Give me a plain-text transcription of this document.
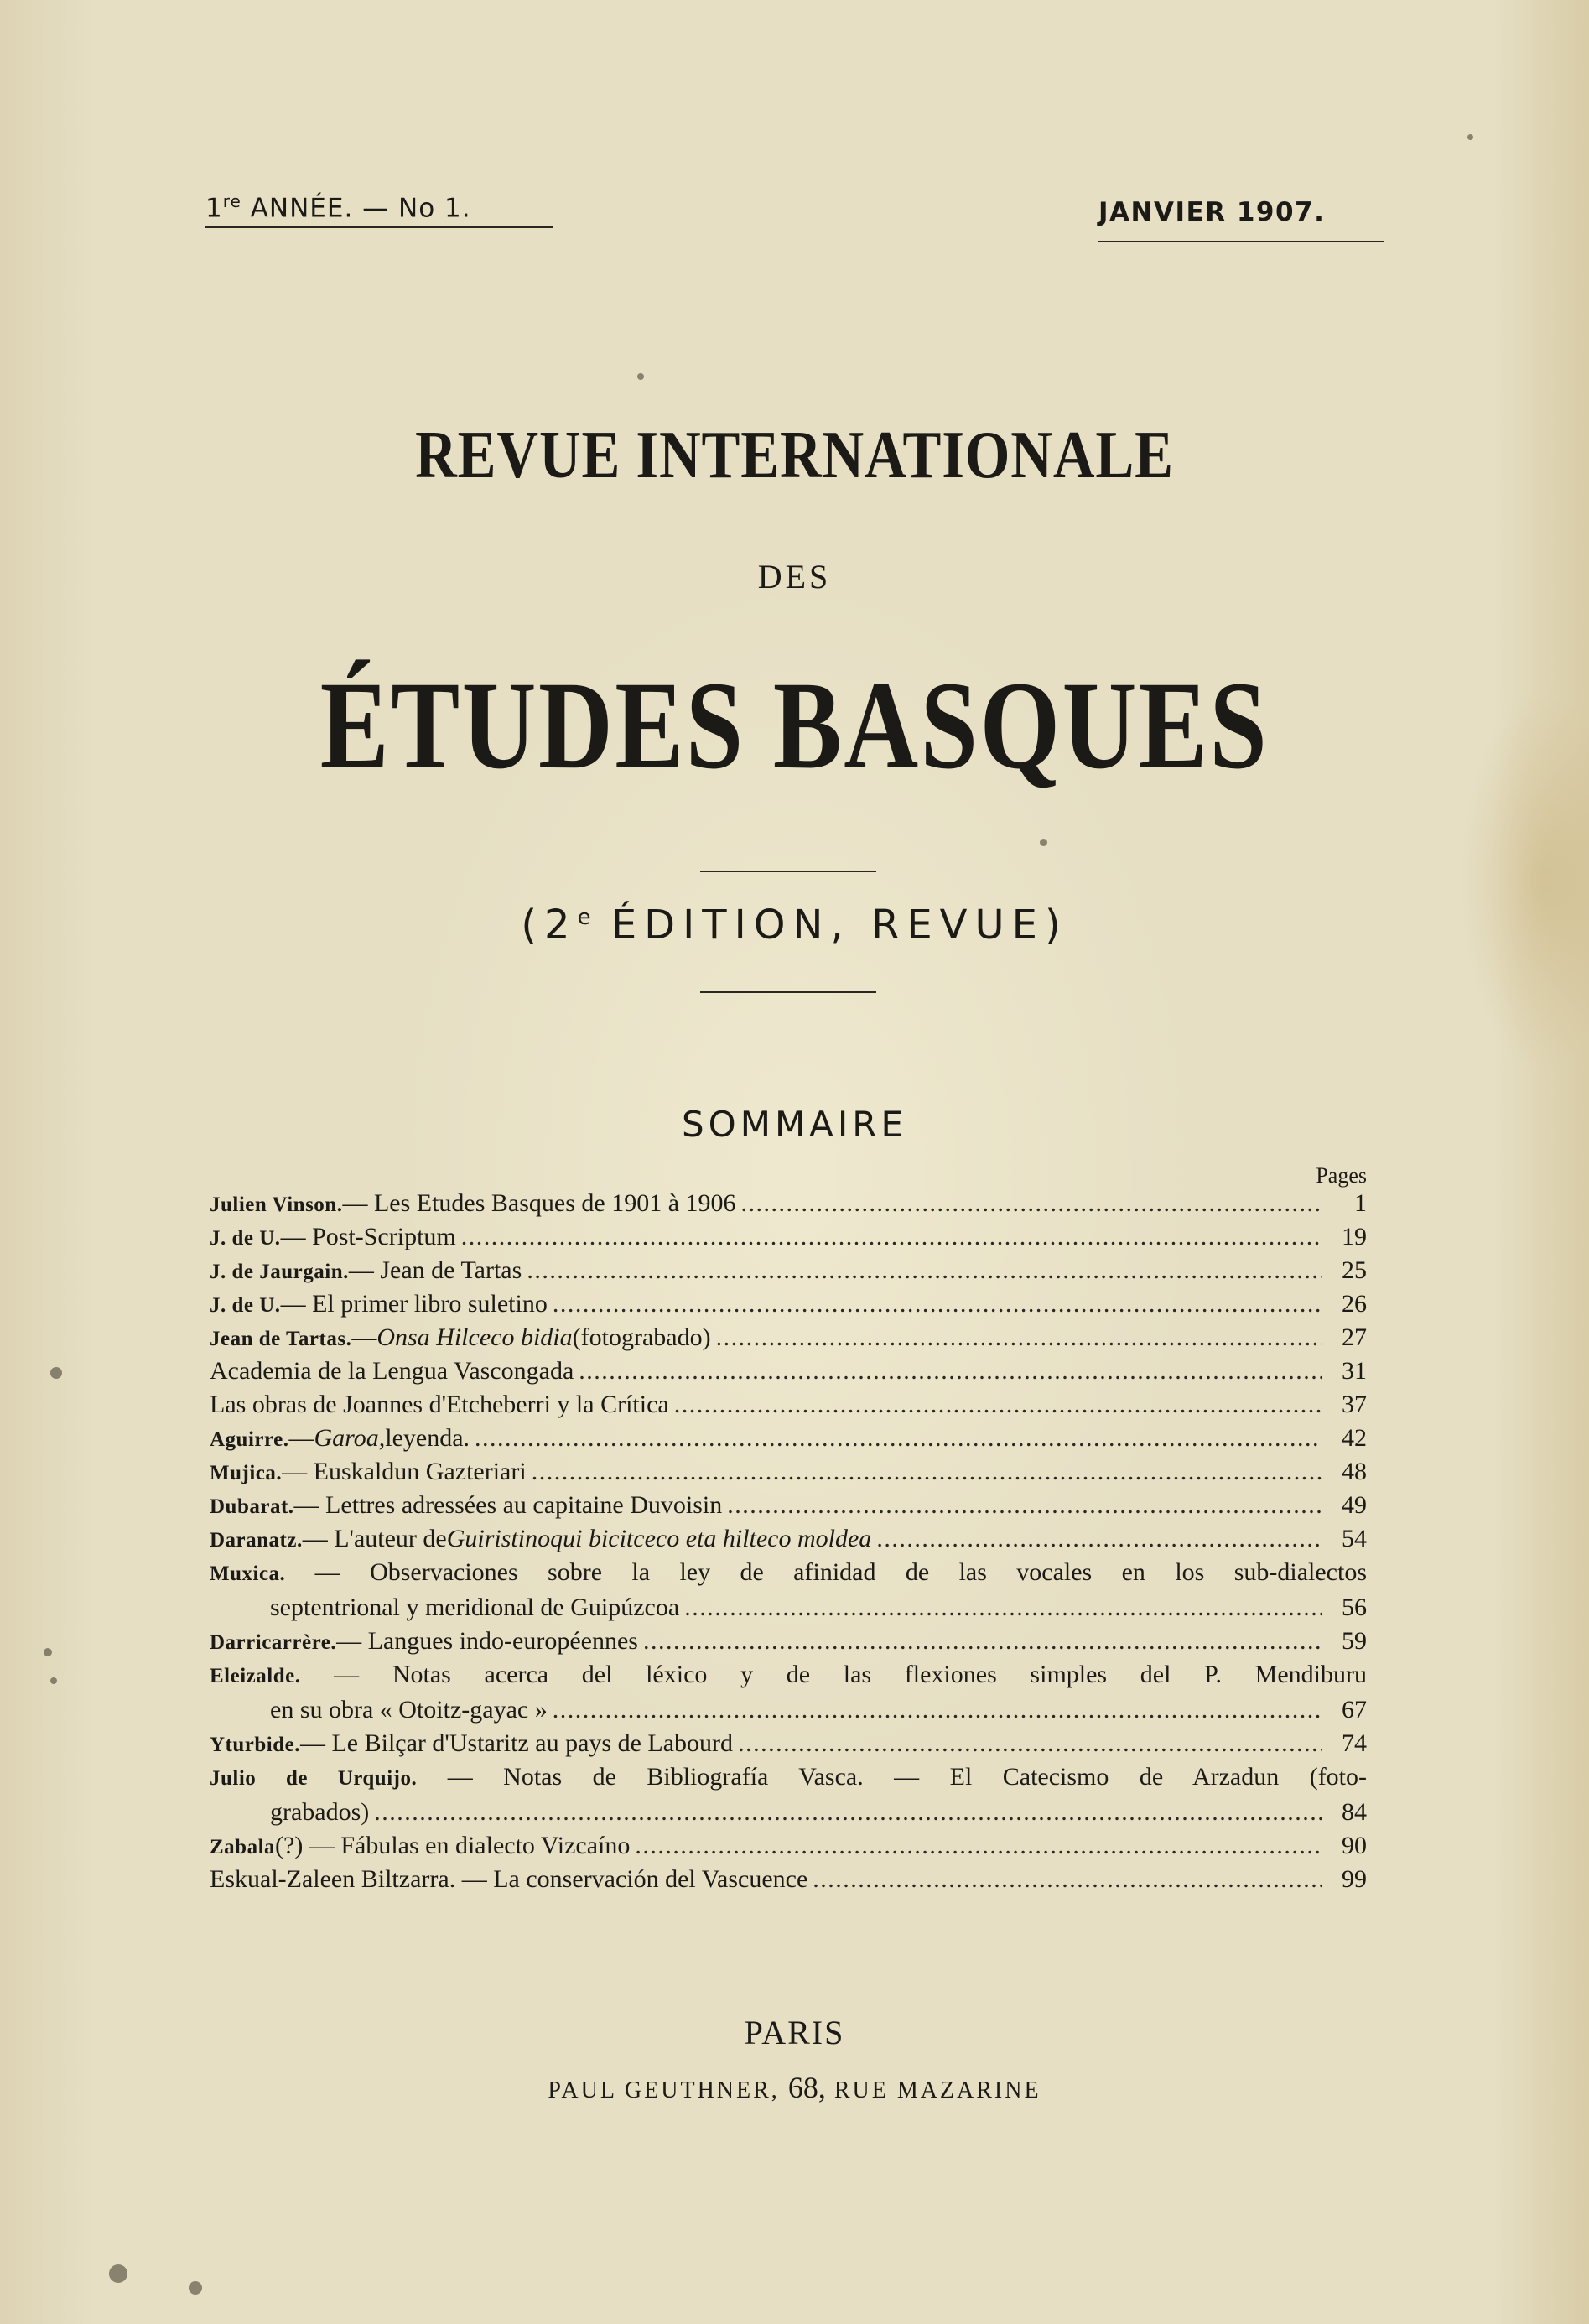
1re ANNÉE. — No 1.	JANVIER 1907.
REVUE INTERNATIONALE
DES
ÉTUDES BASQUES
(2e ÉDITION, REVUE)
SOMMAIRE
Pages
Julien Vinson. — Les Etudes Basques de 1901 à 1906 . . .	1
J. de U. — Post-Scriptum . . .	19
J. de Jaurgain. — Jean de Tartas . . .	25
J. de U. — El primer libro suletino . . .	26
Jean de Tartas. — Onsa Hilceco bidia (fotograbado) . . .	27
Academia de la Lengua Vascongada . . .	31
Las obras de Joannes d'Etcheberri y la Crítica . . .	37
Aguirre. — Garoa, leyenda. . . .	42
Mujica. — Euskaldun Gazteriari . . .	48
Dubarat. — Lettres adressées au capitaine Duvoisin . . .	49
Daranatz. — L'auteur de Guiristinoqui bicitceco eta hilteco moldea . . .	54
Muxica. — Observaciones sobre la ley de afinidad de las vocales en los sub-dialectos
septentrional y meridional de Guipúzcoa . . .	56
Darricarrère. — Langues indo-européennes . . .	59
Eleizalde. — Notas acerca del léxico y de las flexiones simples del P. Mendiburu
en su obra « Otoitz-gayac » . . .	67
Yturbide. — Le Bilçar d'Ustaritz au pays de Labourd . . .	74
Julio de Urquijo. — Notas de Bibliografía Vasca. — El Catecismo de Arzadun (foto-
grabados) . . .	84
Zabala (?) — Fábulas en dialecto Vizcaíno . . .	90
Eskual-Zaleen Biltzarra. — La conservación del Vascuence . . .	99
PARIS
PAUL GEUTHNER, 68, RUE MAZARINE
